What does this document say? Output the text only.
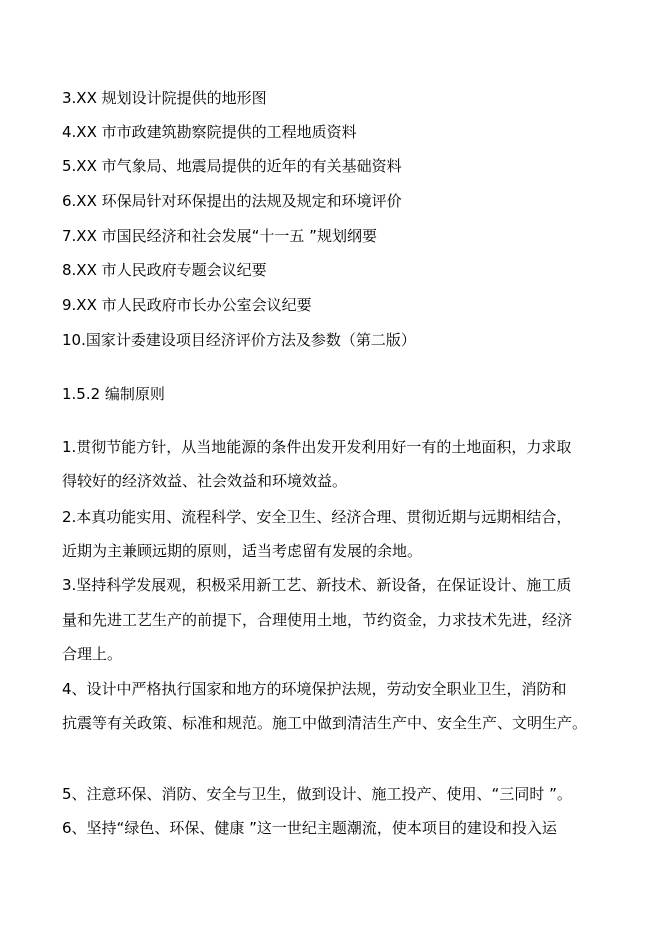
3.XX 规划设计院提供的地形图
4.XX 市市政建筑勘察院提供的工程地质资料
5.XX 市气象局、地震局提供的近年的有关基础资料
6.XX 环保局针对环保提出的法规及规定和环境评价
7.XX 市国民经济和社会发展“十一五 ”规划纲要
8.XX 市人民政府专题会议纪要
9.XX 市人民政府市长办公室会议纪要
10.国家计委建设项目经济评价方法及参数（第二版）
1.5.2 编制原则
1.贯彻节能方针，从当地能源的条件出发开发利用好一有的土地面积，力求取
得较好的经济效益、社会效益和环境效益。
2.本真功能实用、流程科学、安全卫生、经济合理、贯彻近期与远期相结合，
近期为主兼顾远期的原则，适当考虑留有发展的余地。
3.坚持科学发展观，积极采用新工艺、新技术、新设备，在保证设计、施工质
量和先进工艺生产的前提下，合理使用土地，节约资金，力求技术先进，经济
合理上。
4、设计中严格执行国家和地方的环境保护法规，劳动安全职业卫生，消防和
抗震等有关政策、标准和规范。施工中做到清洁生产中、安全生产、文明生产。
5、注意环保、消防、安全与卫生，做到设计、施工投产、使用、“三同时 ”。
6、坚持“绿色、环保、健康 ”这一世纪主题潮流，使本项目的建设和投入运
